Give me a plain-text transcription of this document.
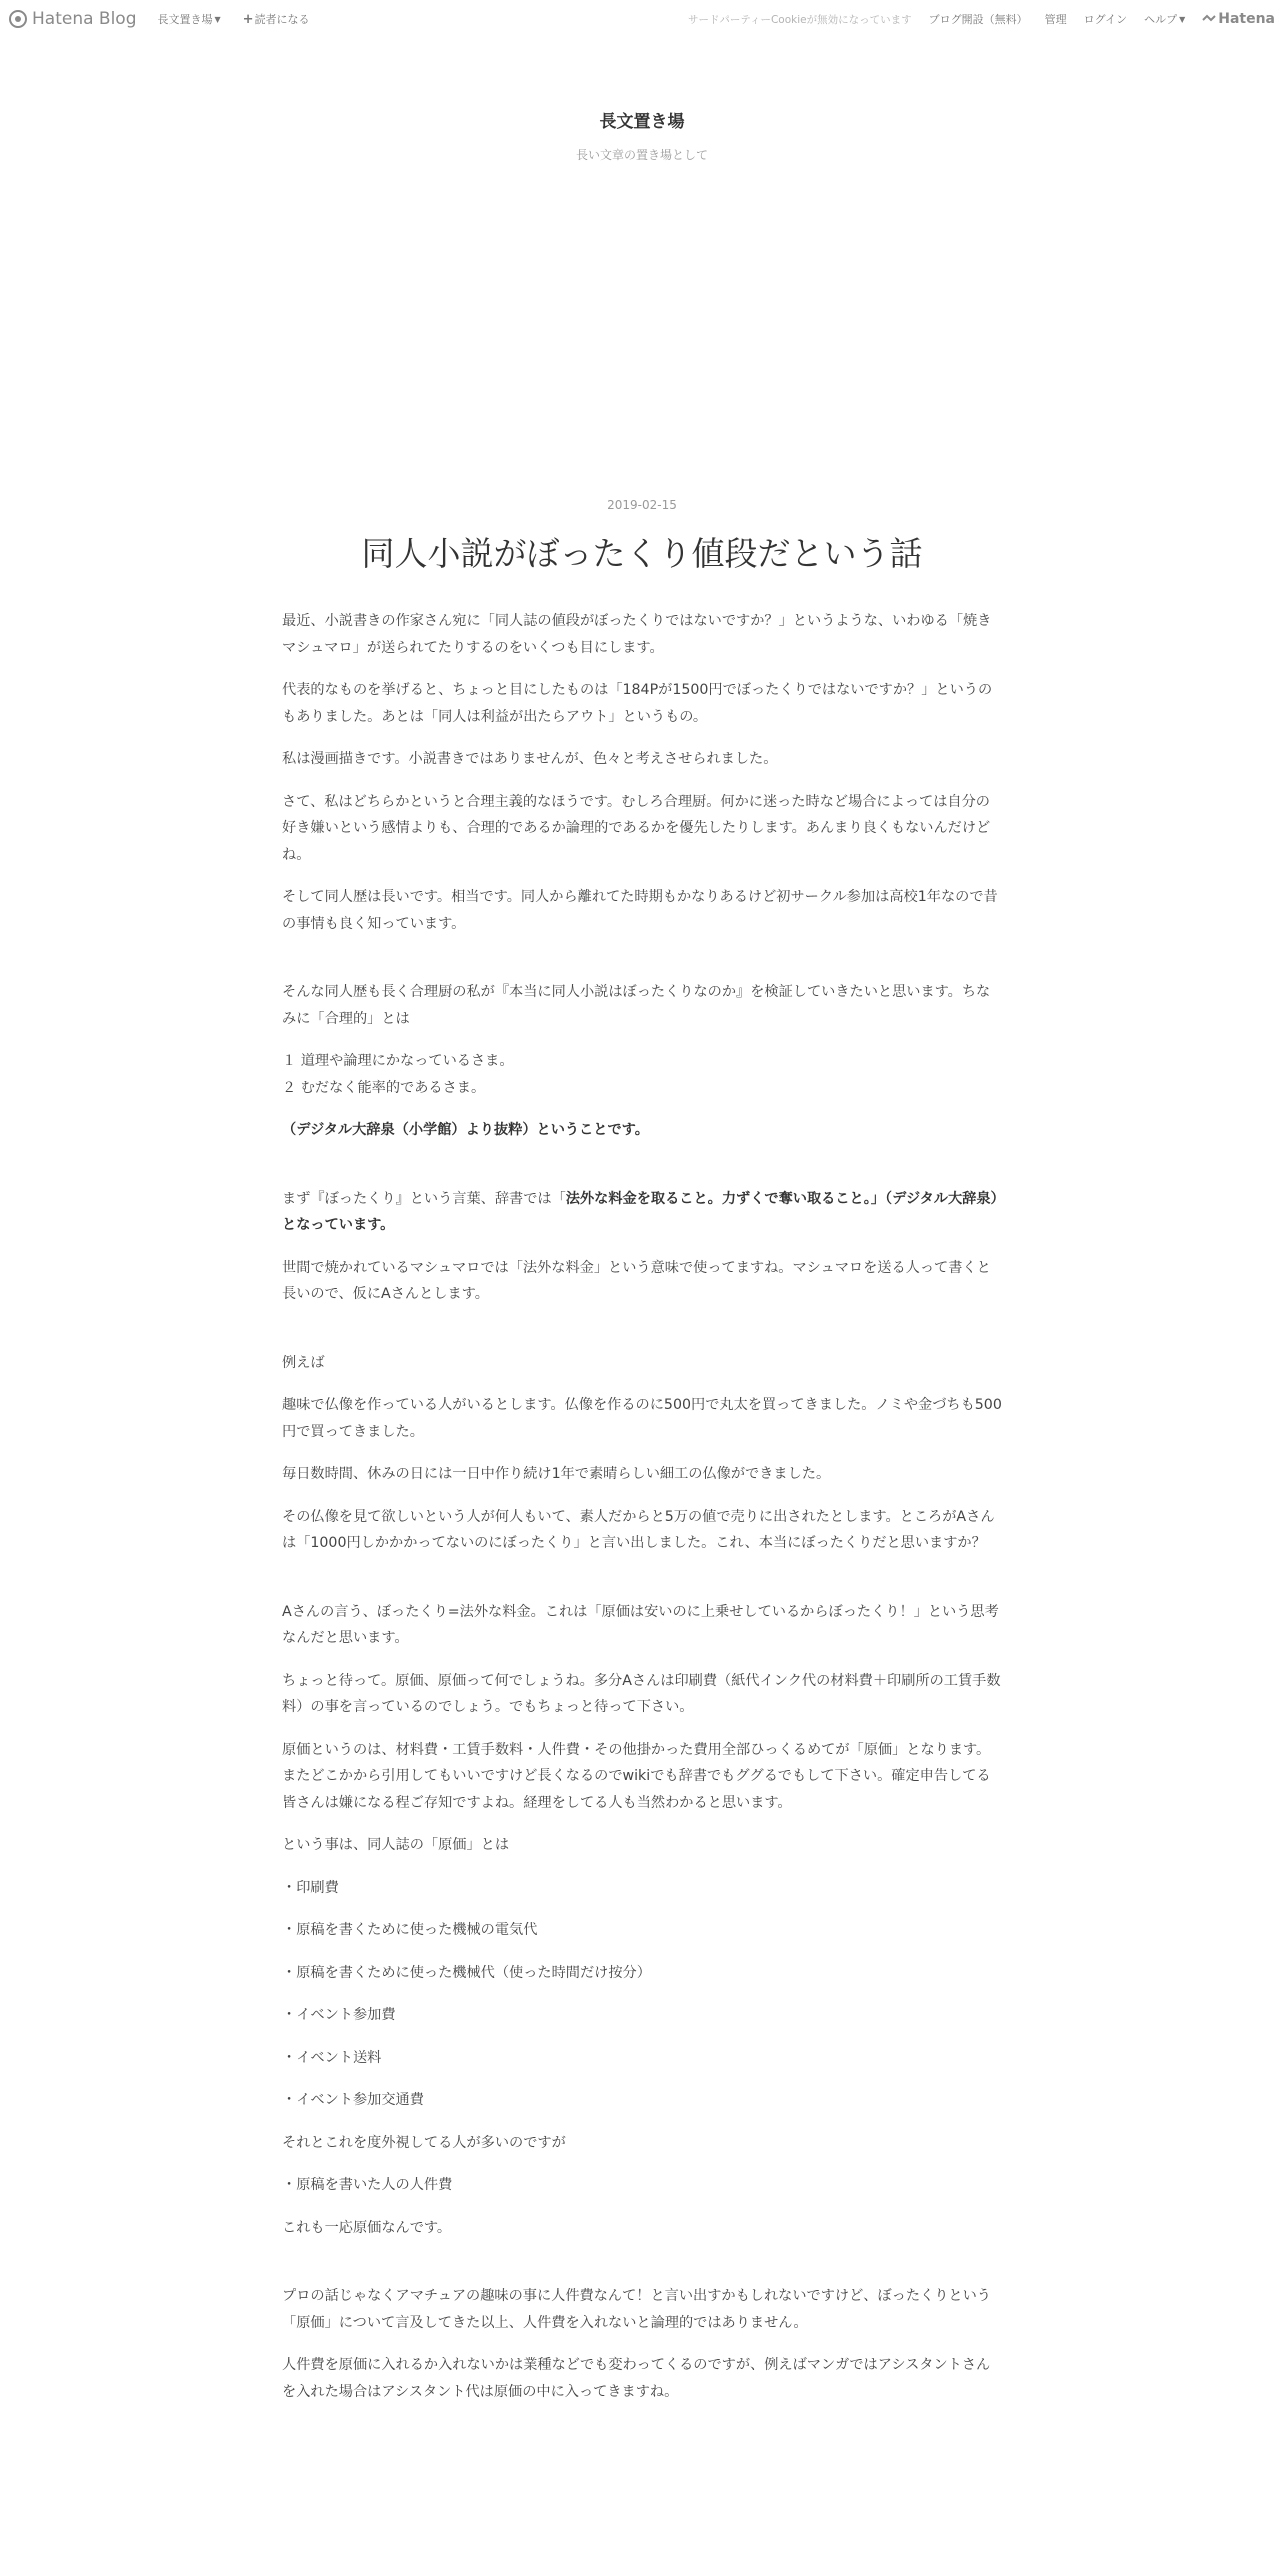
Hatena Blog 長文置き場 ▼ + 読者になる	サードパーティーCookieが無効になっています ブログ開設（無料） 管理 ログイン ヘルプ ▼ Hatena
長文置き場
長い文章の置き場として
2019-02-15
同人小説がぼったくり値段だという話

最近、小説書きの作家さん宛に「同人誌の値段がぼったくりではないですか？」というような、いわゆる「焼きマシュマロ」が送られてたりするのをいくつも目にします。

代表的なものを挙げると、ちょっと目にしたものは「184Pが1500円でぼったくりではないですか？」というのもありました。あとは「同人は利益が出たらアウト」というもの。

私は漫画描きです。小説書きではありませんが、色々と考えさせられました。

さて、私はどちらかというと合理主義的なほうです。むしろ合理厨。何かに迷った時など場合によっては自分の好き嫌いという感情よりも、合理的であるか論理的であるかを優先したりします。あんまり良くもないんだけどね。

そして同人歴は長いです。相当です。同人から離れてた時期もかなりあるけど初サークル参加は高校1年なので昔の事情も良く知っています。

そんな同人歴も長く合理厨の私が『本当に同人小説はぼったくりなのか』を検証していきたいと思います。ちなみに「合理的」とは

１ 道理や論理にかなっているさま。
２ むだなく能率的であるさま。

（デジタル大辞泉（小学館）より抜粋）ということです。

まず『ぼったくり』という言葉、辞書では「法外な料金を取ること。力ずくで奪い取ること。」（デジタル大辞泉）となっています。

世間で焼かれているマシュマロでは「法外な料金」という意味で使ってますね。マシュマロを送る人って書くと長いので、仮にAさんとします。

例えば

趣味で仏像を作っている人がいるとします。仏像を作るのに500円で丸太を買ってきました。ノミや金づちも500円で買ってきました。

毎日数時間、休みの日には一日中作り続け1年で素晴らしい細工の仏像ができました。

その仏像を見て欲しいという人が何人もいて、素人だからと5万の値で売りに出されたとします。ところがAさんは「1000円しかかかってないのにぼったくり」と言い出しました。これ、本当にぼったくりだと思いますか？

Aさんの言う、ぼったくり=法外な料金。これは「原価は安いのに上乗せしているからぼったくり！」という思考なんだと思います。

ちょっと待って。原価、原価って何でしょうね。多分Aさんは印刷費（紙代インク代の材料費＋印刷所の工賃手数料）の事を言っているのでしょう。でもちょっと待って下さい。

原価というのは、材料費・工賃手数料・人件費・その他掛かった費用全部ひっくるめてが「原価」となります。またどこかから引用してもいいですけど長くなるのでwikiでも辞書でもググるでもして下さい。確定申告してる皆さんは嫌になる程ご存知ですよね。経理をしてる人も当然わかると思います。

という事は、同人誌の「原価」とは

・印刷費

・原稿を書くために使った機械の電気代

・原稿を書くために使った機械代（使った時間だけ按分）

・イベント参加費

・イベント送料

・イベント参加交通費

それとこれを度外視してる人が多いのですが

・原稿を書いた人の人件費

これも一応原価なんです。

プロの話じゃなくアマチュアの趣味の事に人件費なんて！と言い出すかもしれないですけど、ぼったくりという「原価」について言及してきた以上、人件費を入れないと論理的ではありません。

人件費を原価に入れるか入れないかは業種などでも変わってくるのですが、例えばマンガではアシスタントさんを入れた場合はアシスタント代は原価の中に入ってきますね。
